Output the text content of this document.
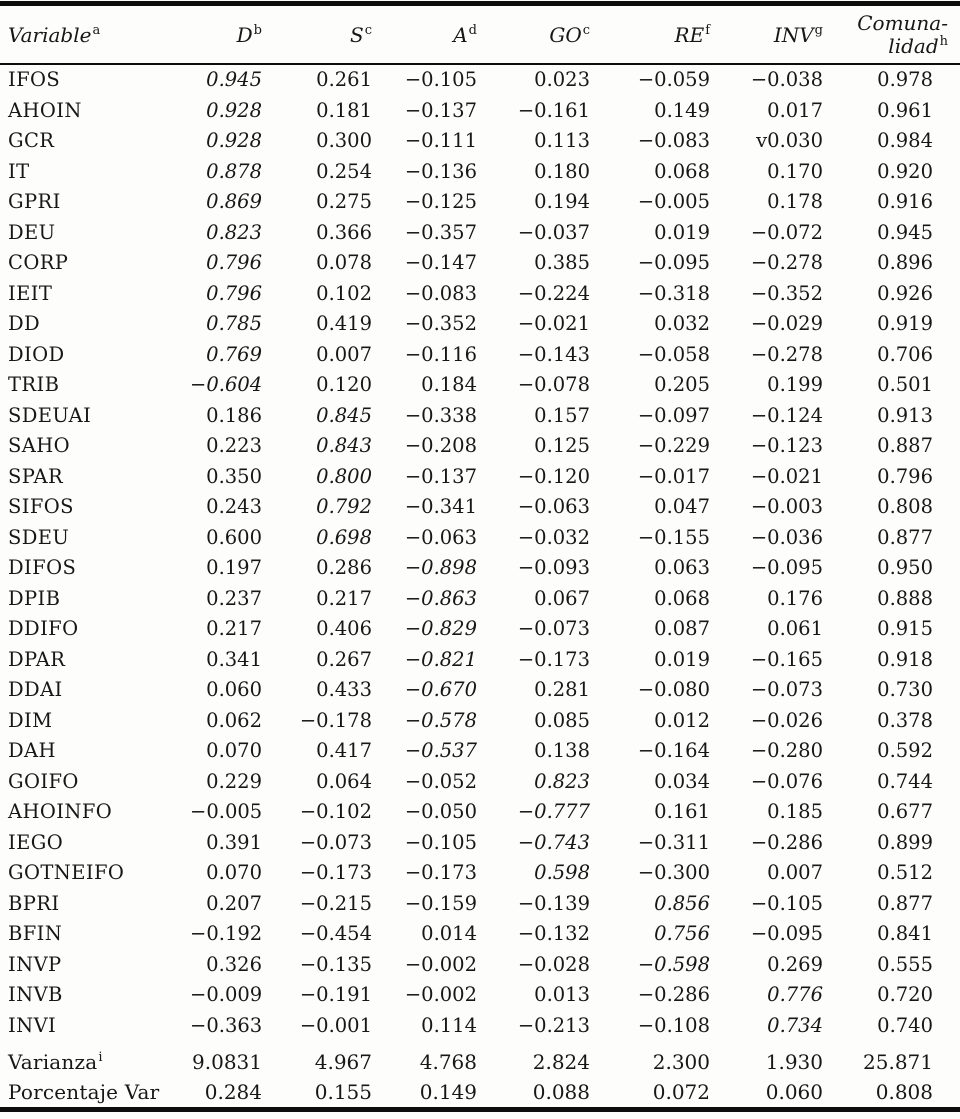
Variable$^a$	$D^b$	$S^c$	$A^d$	$GO^c$	$RE^f$	INV$^g$	Comuna-
lidad$^h$
IFOS	0.945	0.261	−0.105	0.023	−0.059	−0.038	0.978
AHOIN	0.928	0.181	−0.137	−0.161	0.149	0.017	0.961
GCR	0.928	0.300	−0.111	0.113	−0.083	v0.030	0.984
IT	0.878	0.254	−0.136	0.180	0.068	0.170	0.920
GPRI	0.869	0.275	−0.125	0.194	−0.005	0.178	0.916
DEU	0.823	0.366	−0.357	−0.037	0.019	−0.072	0.945
CORP	0.796	0.078	−0.147	0.385	−0.095	−0.278	0.896
IEIT	0.796	0.102	−0.083	−0.224	−0.318	−0.352	0.926
DD	0.785	0.419	−0.352	−0.021	0.032	−0.029	0.919
DIOD	0.769	0.007	−0.116	−0.143	−0.058	−0.278	0.706
TRIB	−0.604	0.120	0.184	−0.078	0.205	0.199	0.501
SDEUAI	0.186	0.845	−0.338	0.157	−0.097	−0.124	0.913
SAHO	0.223	0.843	−0.208	0.125	−0.229	−0.123	0.887
SPAR	0.350	0.800	−0.137	−0.120	−0.017	−0.021	0.796
SIFOS	0.243	0.792	−0.341	−0.063	0.047	−0.003	0.808
SDEU	0.600	0.698	−0.063	−0.032	−0.155	−0.036	0.877
DIFOS	0.197	0.286	−0.898	−0.093	0.063	−0.095	0.950
DPIB	0.237	0.217	−0.863	0.067	0.068	0.176	0.888
DDIFO	0.217	0.406	−0.829	−0.073	0.087	0.061	0.915
DPAR	0.341	0.267	−0.821	−0.173	0.019	−0.165	0.918
DDAI	0.060	0.433	−0.670	0.281	−0.080	−0.073	0.730
DIM	0.062	−0.178	−0.578	0.085	0.012	−0.026	0.378
DAH	0.070	0.417	−0.537	0.138	−0.164	−0.280	0.592
GOIFO	0.229	0.064	−0.052	0.823	0.034	−0.076	0.744
AHOINFO	−0.005	−0.102	−0.050	−0.777	0.161	0.185	0.677
IEGO	0.391	−0.073	−0.105	−0.743	−0.311	−0.286	0.899
GOTNEIFO	0.070	−0.173	−0.173	0.598	−0.300	0.007	0.512
BPRI	0.207	−0.215	−0.159	−0.139	0.856	−0.105	0.877
BFIN	−0.192	−0.454	0.014	−0.132	0.756	−0.095	0.841
INVP	0.326	−0.135	−0.002	−0.028	−0.598	0.269	0.555
INVB	−0.009	−0.191	−0.002	0.013	−0.286	0.776	0.720
INVI	−0.363	−0.001	0.114	−0.213	−0.108	0.734	0.740
Varianza$^i$	9.0831	4.967	4.768	2.824	2.300	1.930	25.871
Porcentaje Var	0.284	0.155	0.149	0.088	0.072	0.060	0.808
